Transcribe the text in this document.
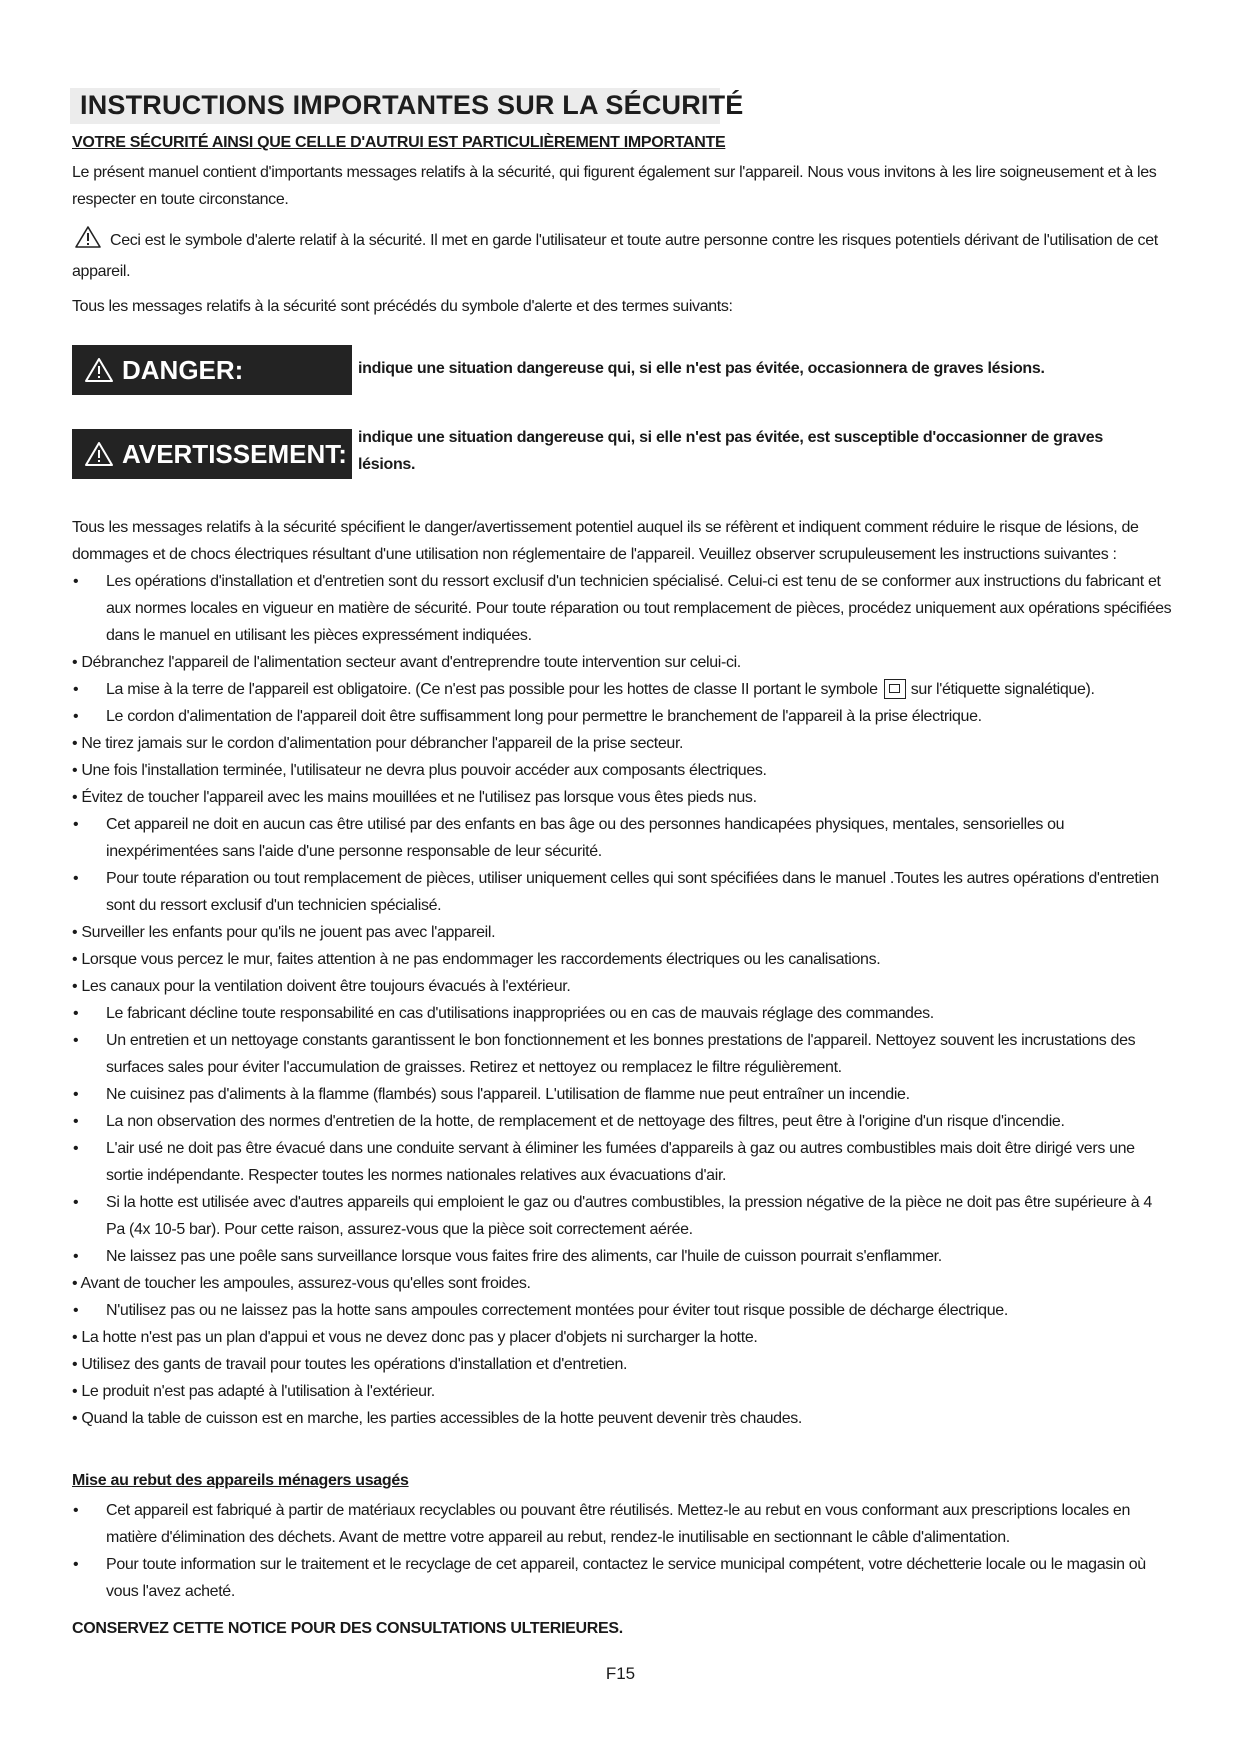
INSTRUCTIONS IMPORTANTES SUR LA SÉCURITÉ
VOTRE SÉCURITÉ AINSI QUE CELLE D'AUTRUI EST PARTICULIÈREMENT IMPORTANTE
Le présent manuel contient d'importants messages relatifs à la sécurité, qui figurent également sur l'appareil. Nous vous invitons à les lire soigneusement et à les respecter en toute circonstance.
Ceci est le symbole d'alerte relatif à la sécurité. Il met en garde l'utilisateur et toute autre personne contre les risques potentiels dérivant de l'utilisation de cet appareil.
Tous les messages relatifs à la sécurité sont précédés du symbole d'alerte et des termes suivants:
DANGER:	indique une situation dangereuse qui, si elle n'est pas évitée, occasionnera de graves lésions.
AVERTISSEMENT:
indique une situation dangereuse qui, si elle n'est pas évitée, est susceptible d'occasionner de graves lésions.
Tous les messages relatifs à la sécurité spécifient le danger/avertissement potentiel auquel ils se réfèrent et indiquent comment réduire le risque de lésions, de dommages et de chocs électriques résultant d'une utilisation non réglementaire de l'appareil. Veuillez observer scrupuleusement les instructions suivantes :
• Les opérations d'installation et d'entretien sont du ressort exclusif d'un technicien spécialisé. Celui-ci est tenu de se conformer aux instructions du fabricant et aux normes locales en vigueur en matière de sécurité. Pour toute réparation ou tout remplacement de pièces, procédez uniquement aux opérations spécifiées dans le manuel en utilisant les pièces expressément indiquées.
• Débranchez l'appareil de l'alimentation secteur avant d'entreprendre toute intervention sur celui-ci.
• La mise à la terre de l'appareil est obligatoire. (Ce n'est pas possible pour les hottes de classe II portant le symbole sur l'étiquette signalétique).
• Le cordon d'alimentation de l'appareil doit être suffisamment long pour permettre le branchement de l'appareil à la prise électrique.
• Ne tirez jamais sur le cordon d'alimentation pour débrancher l'appareil de la prise secteur.
• Une fois l'installation terminée, l'utilisateur ne devra plus pouvoir accéder aux composants électriques.
• Évitez de toucher l'appareil avec les mains mouillées et ne l'utilisez pas lorsque vous êtes pieds nus.
• Cet appareil ne doit en aucun cas être utilisé par des enfants en bas âge ou des personnes handicapées physiques, mentales, sensorielles ou inexpérimentées sans l'aide d'une personne responsable de leur sécurité.
• Pour toute réparation ou tout remplacement de pièces, utiliser uniquement celles qui sont spécifiées dans le manuel .Toutes les autres opérations d'entretien sont du ressort exclusif d'un technicien spécialisé.
• Surveiller les enfants pour qu'ils ne jouent pas avec l'appareil.
• Lorsque vous percez le mur, faites attention à ne pas endommager les raccordements électriques ou les canalisations.
• Les canaux pour la ventilation doivent être toujours évacués à l'extérieur.
• Le fabricant décline toute responsabilité en cas d'utilisations inappropriées ou en cas de mauvais réglage des commandes.
• Un entretien et un nettoyage constants garantissent le bon fonctionnement et les bonnes prestations de l'appareil. Nettoyez souvent les incrustations des surfaces sales pour éviter l'accumulation de graisses. Retirez et nettoyez ou remplacez le filtre régulièrement.
• Ne cuisinez pas d'aliments à la flamme (flambés) sous l'appareil. L'utilisation de flamme nue peut entraîner un incendie.
• La non observation des normes d'entretien de la hotte, de remplacement et de nettoyage des filtres, peut être à l'origine d'un risque d'incendie.
• L'air usé ne doit pas être évacué dans une conduite servant à éliminer les fumées d'appareils à gaz ou autres combustibles mais doit être dirigé vers une sortie indépendante. Respecter toutes les normes nationales relatives aux évacuations d'air.
• Si la hotte est utilisée avec d'autres appareils qui emploient le gaz ou d'autres combustibles, la pression négative de la pièce ne doit pas être supérieure à 4 Pa (4x 10-5 bar). Pour cette raison, assurez-vous que la pièce soit correctement aérée.
• Ne laissez pas une poêle sans surveillance lorsque vous faites frire des aliments, car l'huile de cuisson pourrait s'enflammer.
• Avant de toucher les ampoules, assurez-vous qu'elles sont froides.
• N'utilisez pas ou ne laissez pas la hotte sans ampoules correctement montées pour éviter tout risque possible de décharge électrique.
• La hotte n'est pas un plan d'appui et vous ne devez donc pas y placer d'objets ni surcharger la hotte.
• Utilisez des gants de travail pour toutes les opérations d'installation et d'entretien.
• Le produit n'est pas adapté à l'utilisation à l'extérieur.
• Quand la table de cuisson est en marche, les parties accessibles de la hotte peuvent devenir très chaudes.
Mise au rebut des appareils ménagers usagés
• Cet appareil est fabriqué à partir de matériaux recyclables ou pouvant être réutilisés. Mettez-le au rebut en vous conformant aux prescriptions locales en matière d'élimination des déchets. Avant de mettre votre appareil au rebut, rendez-le inutilisable en sectionnant le câble d'alimentation.
• Pour toute information sur le traitement et le recyclage de cet appareil, contactez le service municipal compétent, votre déchetterie locale ou le magasin où vous l'avez acheté.
CONSERVEZ CETTE NOTICE POUR DES CONSULTATIONS ULTERIEURES.
F15
